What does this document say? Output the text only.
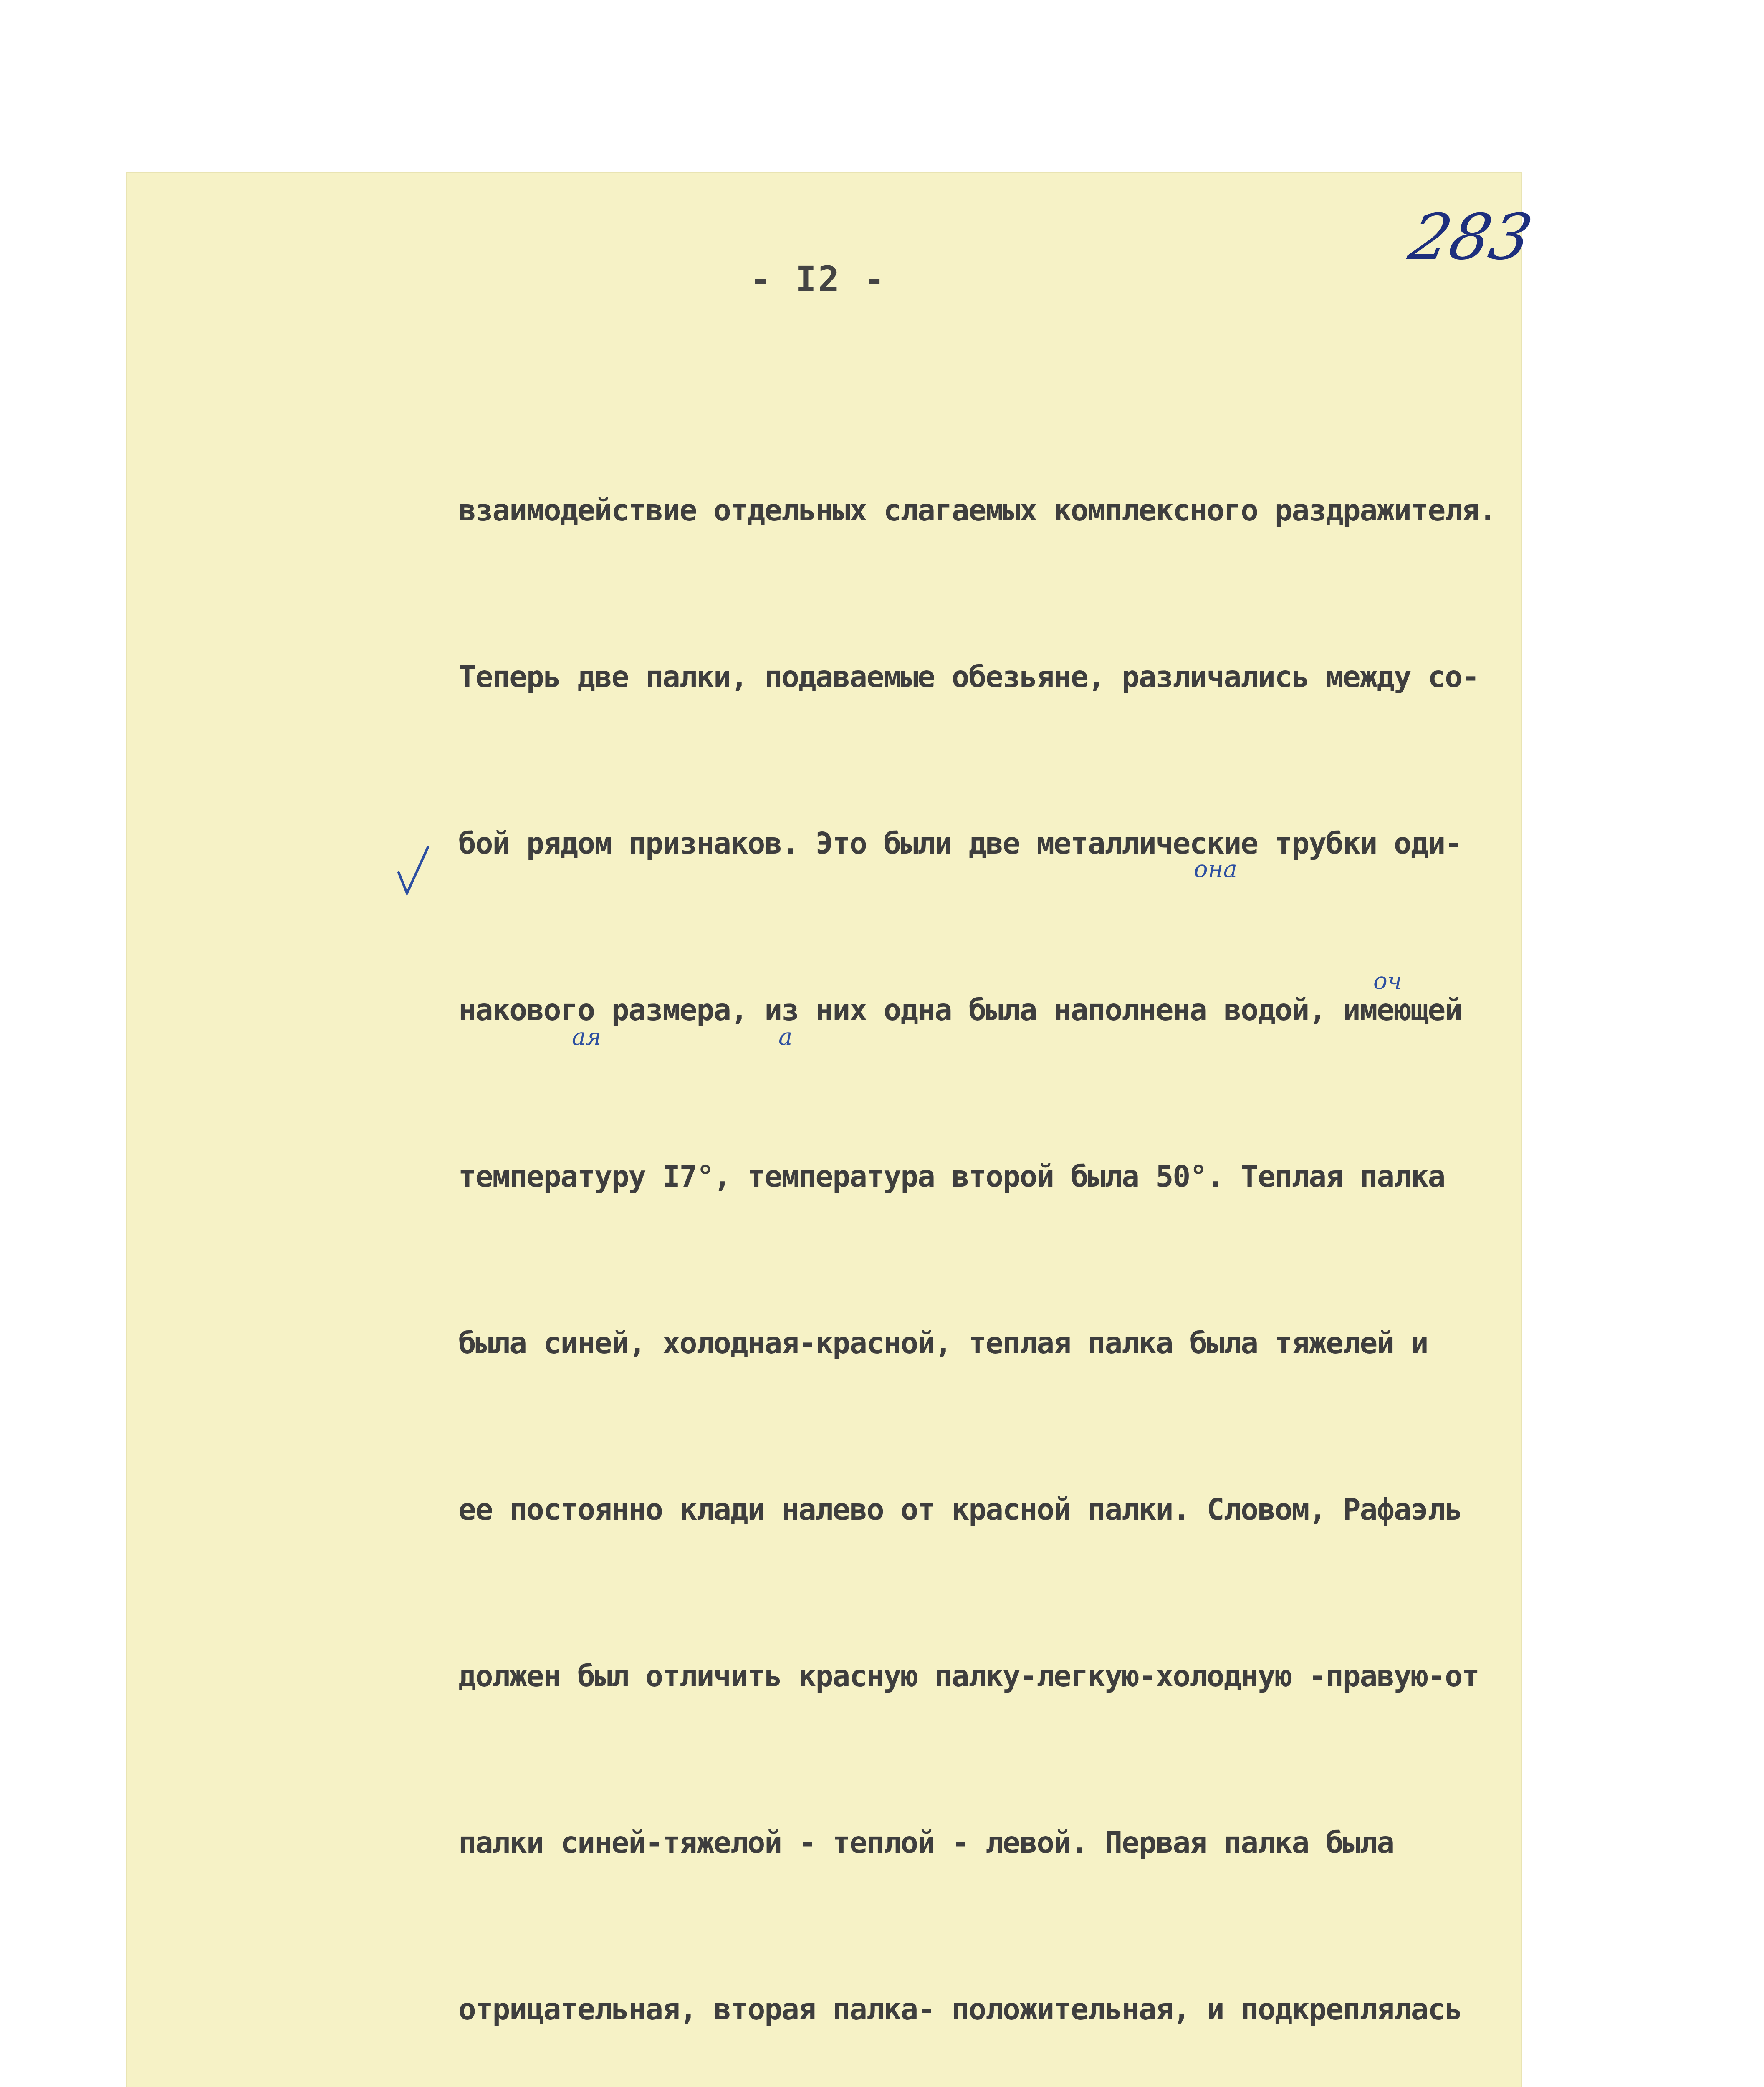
283
- I2 -
она
оч
ая	а

взаимодействие отдельных слагаемых комплексного раздражителя.

Теперь две палки, подаваемые обезьяне, различались между со-

бой рядом признаков. Это были две металлические трубки оди-

накового размера, из них одна была наполнена водой, имеющей

температуру I7°, температура второй была 50°. Теплая палка

была синей, холодная-красной, теплая палка была тяжелей и

ее постоянно клади налево от красной палки. Словом, Рафаэль

должен был отличить красную палку-легкую-холодную -правую-от

палки синей-тяжелой - теплой - левой. Первая палка была

отрицательная, вторая палка- положительная, и подкреплялась
